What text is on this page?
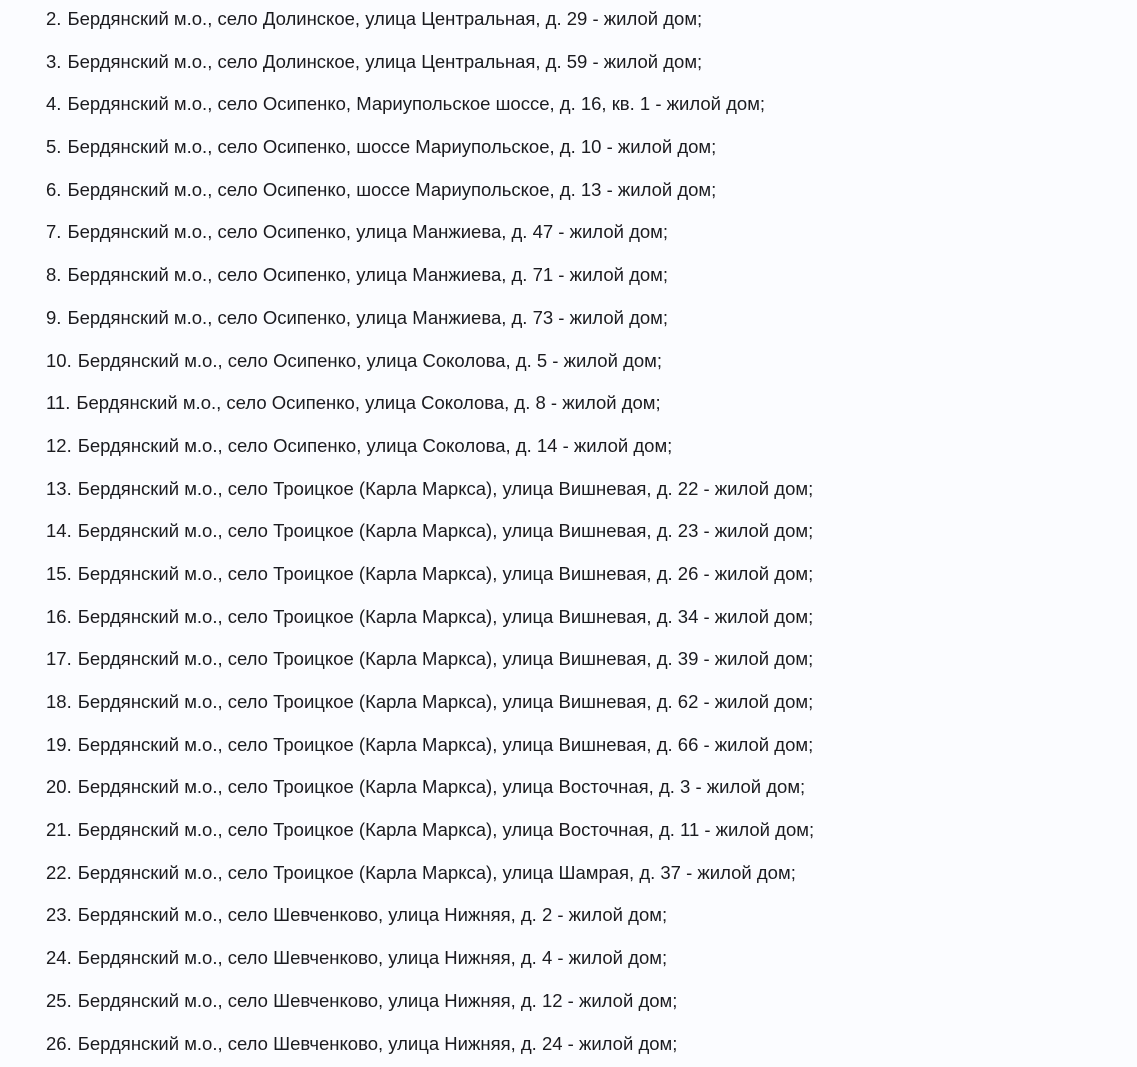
2. Бердянский м.о., село Долинское, улица Центральная, д. 29 - жилой дом;
3. Бердянский м.о., село Долинское, улица Центральная, д. 59 - жилой дом;
4. Бердянский м.о., село Осипенко, Мариупольское шоссе, д. 16, кв. 1 - жилой дом;
5. Бердянский м.о., село Осипенко, шоссе Мариупольское, д. 10 - жилой дом;
6. Бердянский м.о., село Осипенко, шоссе Мариупольское, д. 13 - жилой дом;
7. Бердянский м.о., село Осипенко, улица Манжиева, д. 47 - жилой дом;
8. Бердянский м.о., село Осипенко, улица Манжиева, д. 71 - жилой дом;
9. Бердянский м.о., село Осипенко, улица Манжиева, д. 73 - жилой дом;
10. Бердянский м.о., село Осипенко, улица Соколова, д. 5 - жилой дом;
11. Бердянский м.о., село Осипенко, улица Соколова, д. 8 - жилой дом;
12. Бердянский м.о., село Осипенко, улица Соколова, д. 14 - жилой дом;
13. Бердянский м.о., село Троицкое (Карла Маркса), улица Вишневая, д. 22 - жилой дом;
14. Бердянский м.о., село Троицкое (Карла Маркса), улица Вишневая, д. 23 - жилой дом;
15. Бердянский м.о., село Троицкое (Карла Маркса), улица Вишневая, д. 26 - жилой дом;
16. Бердянский м.о., село Троицкое (Карла Маркса), улица Вишневая, д. 34 - жилой дом;
17. Бердянский м.о., село Троицкое (Карла Маркса), улица Вишневая, д. 39 - жилой дом;
18. Бердянский м.о., село Троицкое (Карла Маркса), улица Вишневая, д. 62 - жилой дом;
19. Бердянский м.о., село Троицкое (Карла Маркса), улица Вишневая, д. 66 - жилой дом;
20. Бердянский м.о., село Троицкое (Карла Маркса), улица Восточная, д. 3 - жилой дом;
21. Бердянский м.о., село Троицкое (Карла Маркса), улица Восточная, д. 11 - жилой дом;
22. Бердянский м.о., село Троицкое (Карла Маркса), улица Шамрая, д. 37 - жилой дом;
23. Бердянский м.о., село Шевченково, улица Нижняя, д. 2 - жилой дом;
24. Бердянский м.о., село Шевченково, улица Нижняя, д. 4 - жилой дом;
25. Бердянский м.о., село Шевченково, улица Нижняя, д. 12 - жилой дом;
26. Бердянский м.о., село Шевченково, улица Нижняя, д. 24 - жилой дом;
